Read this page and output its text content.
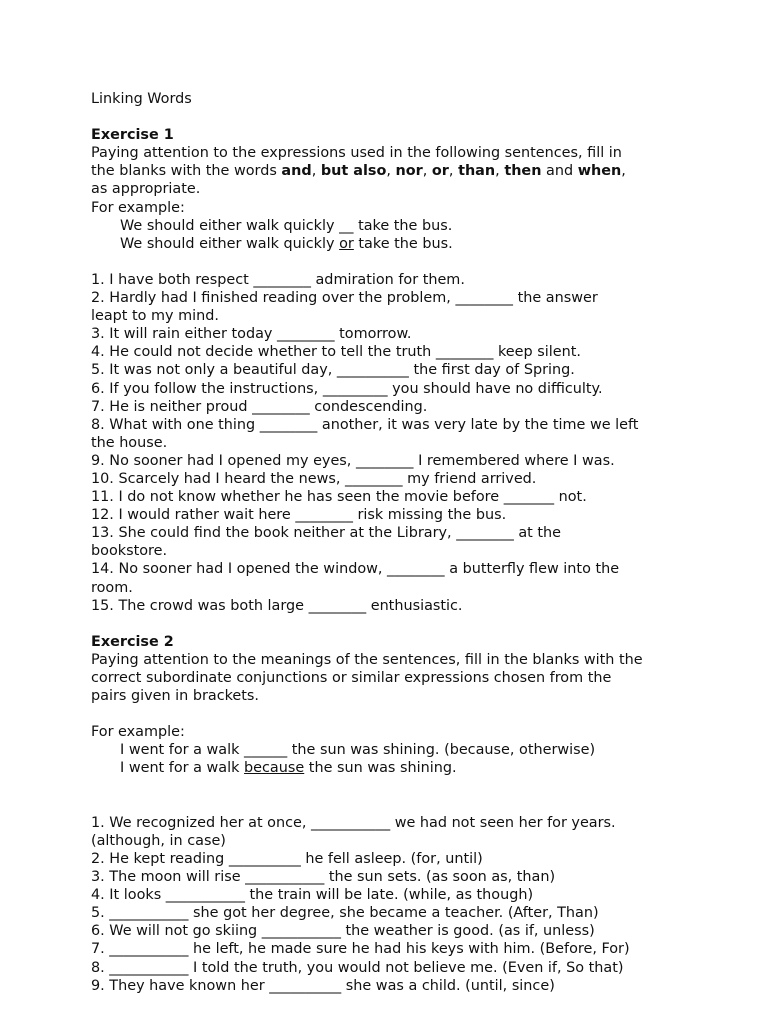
Linking Words
Exercise 1
Paying attention to the expressions used in the following sentences, fill in
the blanks with the words and, but also, nor, or, than, then and when,
as appropriate.
For example:
We should either walk quickly __ take the bus.
We should either walk quickly or take the bus.
1. I have both respect ________ admiration for them.
2. Hardly had I finished reading over the problem, ________ the answer
leapt to my mind.
3. It will rain either today ________ tomorrow.
4. He could not decide whether to tell the truth ________ keep silent.
5. It was not only a beautiful day, __________ the first day of Spring.
6. If you follow the instructions, _________ you should have no difficulty.
7. He is neither proud ________ condescending.
8. What with one thing ________ another, it was very late by the time we left
the house.
9. No sooner had I opened my eyes, ________ I remembered where I was.
10. Scarcely had I heard the news, ________ my friend arrived.
11. I do not know whether he has seen the movie before _______ not.
12. I would rather wait here ________ risk missing the bus.
13. She could find the book neither at the Library, ________ at the
bookstore.
14. No sooner had I opened the window, ________ a butterfly flew into the
room.
15. The crowd was both large ________ enthusiastic.
Exercise 2
Paying attention to the meanings of the sentences, fill in the blanks with the
correct subordinate conjunctions or similar expressions chosen from the
pairs given in brackets.
For example:
I went for a walk ______ the sun was shining. (because, otherwise)
I went for a walk because the sun was shining.
1. We recognized her at once, ___________ we had not seen her for years.
(although, in case)
2. He kept reading __________ he fell asleep. (for, until)
3. The moon will rise ___________ the sun sets. (as soon as, than)
4. It looks ___________ the train will be late. (while, as though)
5. ___________ she got her degree, she became a teacher. (After, Than)
6. We will not go skiing ___________ the weather is good. (as if, unless)
7. ___________ he left, he made sure he had his keys with him. (Before, For)
8. ___________ I told the truth, you would not believe me. (Even if, So that)
9. They have known her __________ she was a child. (until, since)
